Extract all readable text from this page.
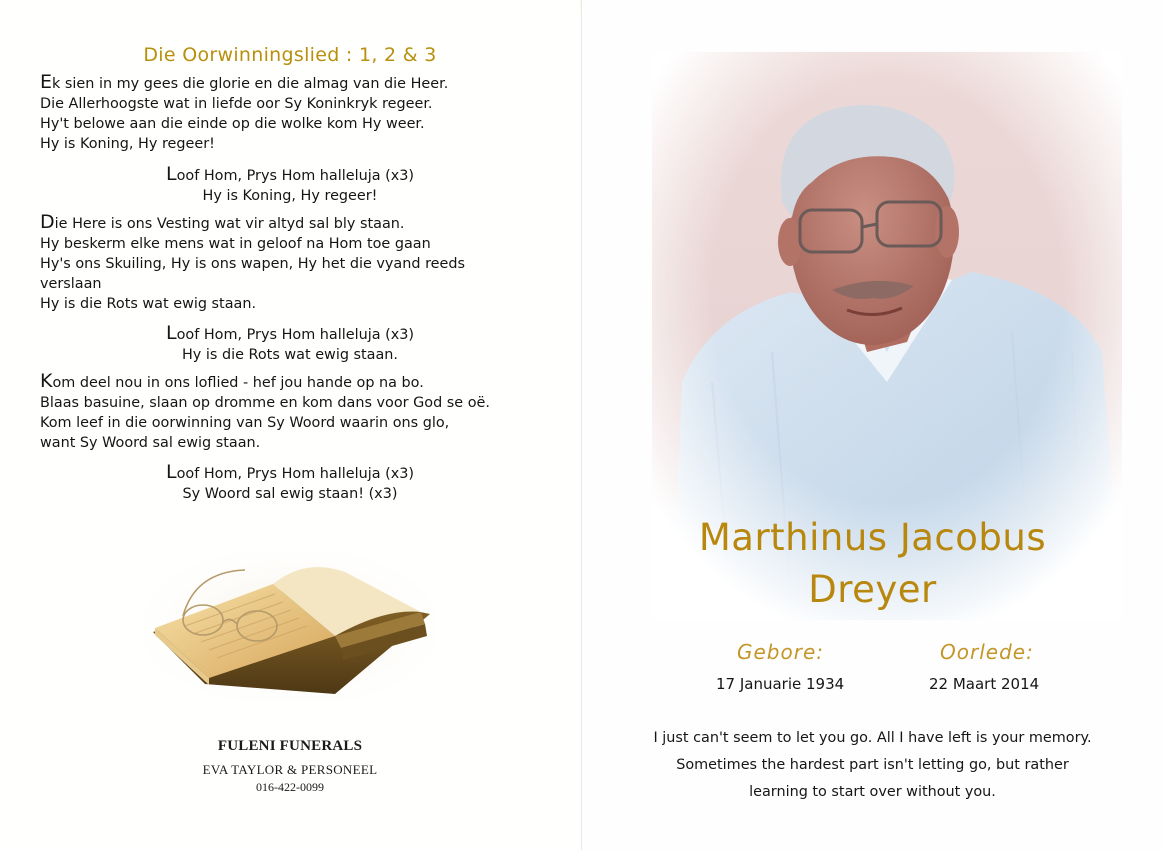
Die Oorwinningslied : 1, 2 & 3
Ek sien in my gees die glorie en die almag van die Heer.
Die Allerhoogste wat in liefde oor Sy Koninkryk regeer.
Hy't belowe aan die einde op die wolke kom Hy weer.
Hy is Koning, Hy regeer!
Loof Hom, Prys Hom halleluja (x3)
Hy is Koning, Hy regeer!
Die Here is ons Vesting wat vir altyd sal bly staan.
Hy beskerm elke mens wat in geloof na Hom toe gaan
Hy's ons Skuiling, Hy is ons wapen, Hy het die vyand reeds
verslaan
Hy is die Rots wat ewig staan.
Loof Hom, Prys Hom halleluja (x3)
Hy is die Rots wat ewig staan.
Kom deel nou in ons loflied - hef jou hande op na bo.
Blaas basuine, slaan op dromme en kom dans voor God se oë.
Kom leef in die oorwinning van Sy Woord waarin ons glo,
want Sy Woord sal ewig staan.
Loof Hom, Prys Hom halleluja (x3)
Sy Woord sal ewig staan! (x3)
FULENI FUNERALS
EVA TAYLOR & PERSONEEL
016-422-0099
Marthinus Jacobus
Dreyer
Gebore:	Oorlede:
17 Januarie 1934	22 Maart 2014
I just can't seem to let you go. All I have left is your memory.
Sometimes the hardest part isn't letting go, but rather
learning to start over without you.
